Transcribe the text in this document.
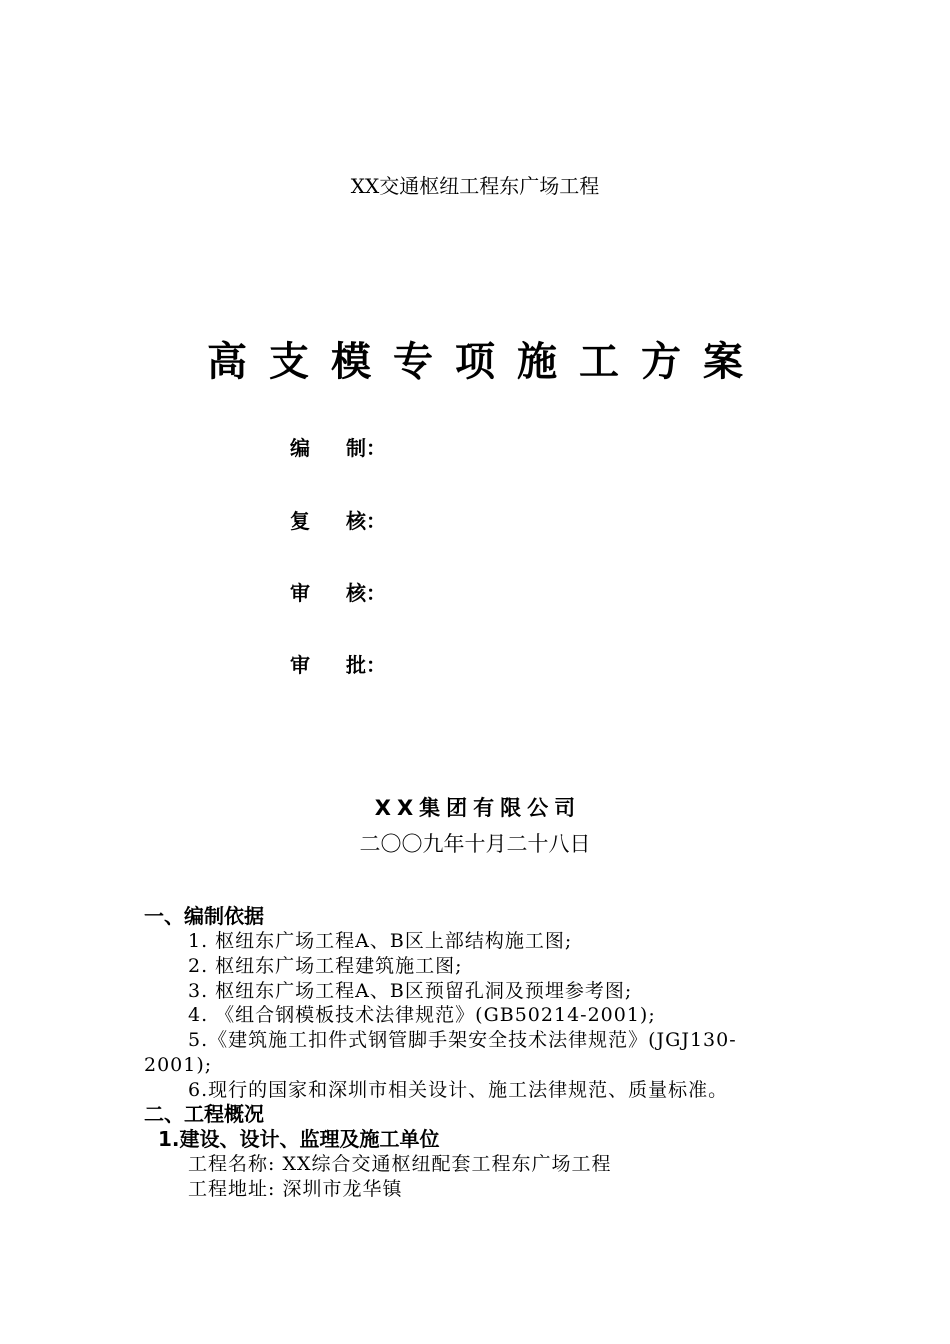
XX交通枢纽工程东广场工程
高支模专项施工方案
编 制：
复 核：
审 核：
审 批：
XX集团有限公司
二〇〇九年十月二十八日
一、编制依据
1. 枢纽东广场工程A、B区上部结构施工图;
2. 枢纽东广场工程建筑施工图;
3. 枢纽东广场工程A、B区预留孔洞及预埋参考图;
4. 《组合钢模板技术法律规范》(GB50214-2001);
5.《建筑施工扣件式钢管脚手架安全技术法律规范》(JGJ130-
2001);
6.现行的国家和深圳市相关设计、施工法律规范、质量标准。
二、工程概况
1.建设、设计、监理及施工单位
工程名称: XX综合交通枢纽配套工程东广场工程
工程地址: 深圳市龙华镇
